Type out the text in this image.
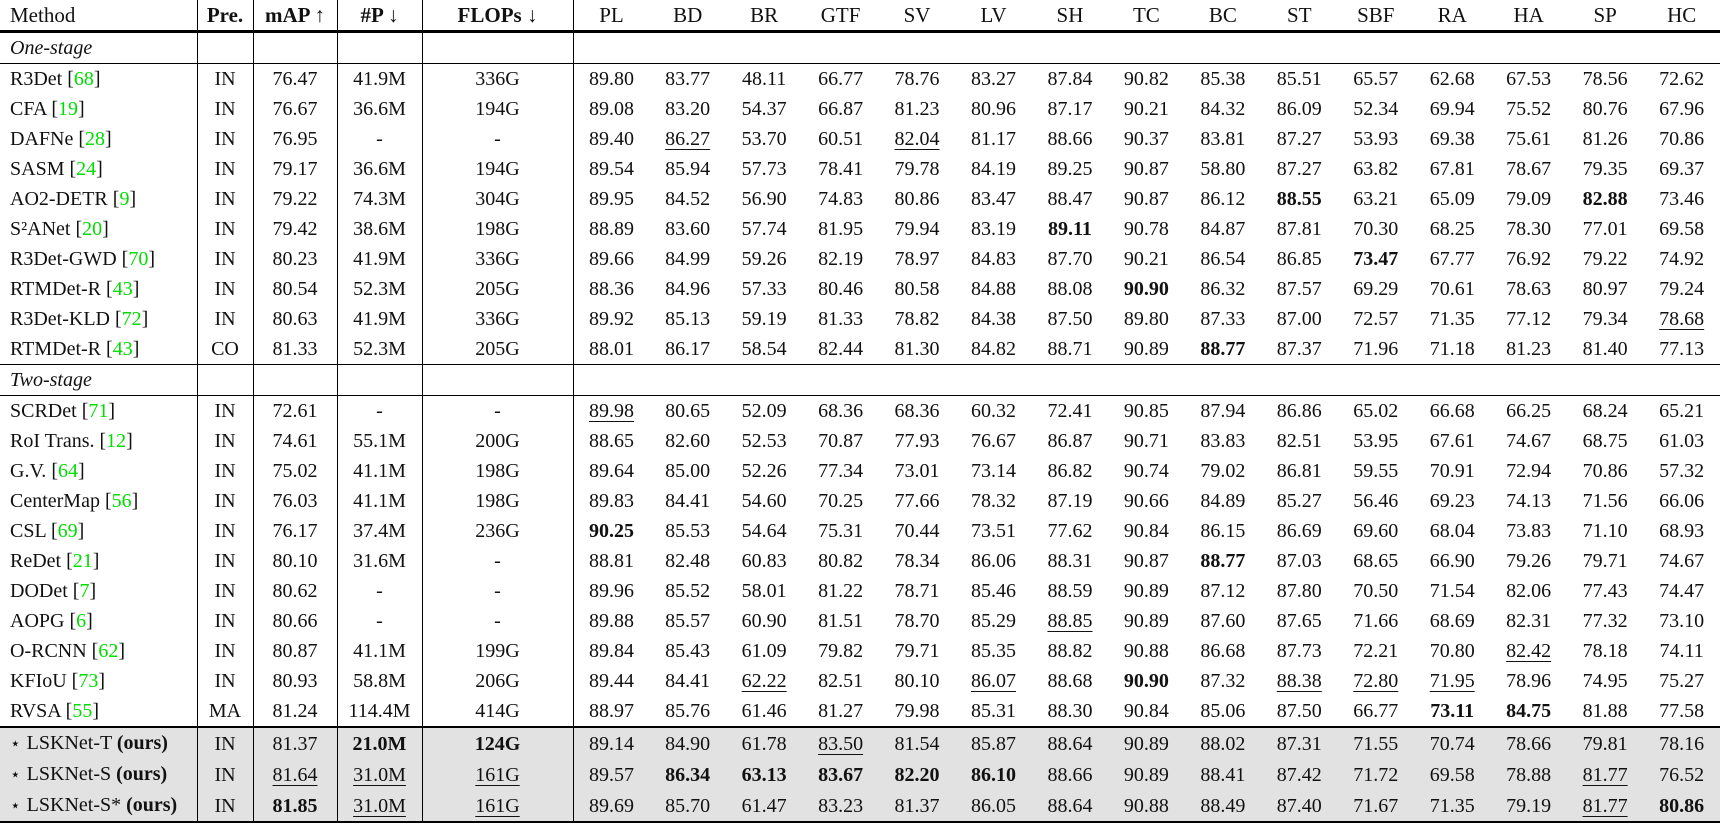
Method	Pre.	mAP ↑	#P ↓	FLOPs ↓	PL	BD	BR	GTF	SV	LV	SH	TC	BC	ST	SBF	RA	HA	SP	HC
One-stage																			
R3Det [68]	IN	76.47	41.9M	336G	89.80	83.77	48.11	66.77	78.76	83.27	87.84	90.82	85.38	85.51	65.57	62.68	67.53	78.56	72.62
CFA [19]	IN	76.67	36.6M	194G	89.08	83.20	54.37	66.87	81.23	80.96	87.17	90.21	84.32	86.09	52.34	69.94	75.52	80.76	67.96
DAFNe [28]	IN	76.95	-	-	89.40	86.27	53.70	60.51	82.04	81.17	88.66	90.37	83.81	87.27	53.93	69.38	75.61	81.26	70.86
SASM [24]	IN	79.17	36.6M	194G	89.54	85.94	57.73	78.41	79.78	84.19	89.25	90.87	58.80	87.27	63.82	67.81	78.67	79.35	69.37
AO2-DETR [9]	IN	79.22	74.3M	304G	89.95	84.52	56.90	74.83	80.86	83.47	88.47	90.87	86.12	88.55	63.21	65.09	79.09	82.88	73.46
S²ANet [20]	IN	79.42	38.6M	198G	88.89	83.60	57.74	81.95	79.94	83.19	89.11	90.78	84.87	87.81	70.30	68.25	78.30	77.01	69.58
R3Det-GWD [70]	IN	80.23	41.9M	336G	89.66	84.99	59.26	82.19	78.97	84.83	87.70	90.21	86.54	86.85	73.47	67.77	76.92	79.22	74.92
RTMDet-R [43]	IN	80.54	52.3M	205G	88.36	84.96	57.33	80.46	80.58	84.88	88.08	90.90	86.32	87.57	69.29	70.61	78.63	80.97	79.24
R3Det-KLD [72]	IN	80.63	41.9M	336G	89.92	85.13	59.19	81.33	78.82	84.38	87.50	89.80	87.33	87.00	72.57	71.35	77.12	79.34	78.68
RTMDet-R [43]	CO	81.33	52.3M	205G	88.01	86.17	58.54	82.44	81.30	84.82	88.71	90.89	88.77	87.37	71.96	71.18	81.23	81.40	77.13
Two-stage																			
SCRDet [71]	IN	72.61	-	-	89.98	80.65	52.09	68.36	68.36	60.32	72.41	90.85	87.94	86.86	65.02	66.68	66.25	68.24	65.21
RoI Trans. [12]	IN	74.61	55.1M	200G	88.65	82.60	52.53	70.87	77.93	76.67	86.87	90.71	83.83	82.51	53.95	67.61	74.67	68.75	61.03
G.V. [64]	IN	75.02	41.1M	198G	89.64	85.00	52.26	77.34	73.01	73.14	86.82	90.74	79.02	86.81	59.55	70.91	72.94	70.86	57.32
CenterMap [56]	IN	76.03	41.1M	198G	89.83	84.41	54.60	70.25	77.66	78.32	87.19	90.66	84.89	85.27	56.46	69.23	74.13	71.56	66.06
CSL [69]	IN	76.17	37.4M	236G	90.25	85.53	54.64	75.31	70.44	73.51	77.62	90.84	86.15	86.69	69.60	68.04	73.83	71.10	68.93
ReDet [21]	IN	80.10	31.6M	-	88.81	82.48	60.83	80.82	78.34	86.06	88.31	90.87	88.77	87.03	68.65	66.90	79.26	79.71	74.67
DODet [7]	IN	80.62	-	-	89.96	85.52	58.01	81.22	78.71	85.46	88.59	90.89	87.12	87.80	70.50	71.54	82.06	77.43	74.47
AOPG [6]	IN	80.66	-	-	89.88	85.57	60.90	81.51	78.70	85.29	88.85	90.89	87.60	87.65	71.66	68.69	82.31	77.32	73.10
O-RCNN [62]	IN	80.87	41.1M	199G	89.84	85.43	61.09	79.82	79.71	85.35	88.82	90.88	86.68	87.73	72.21	70.80	82.42	78.18	74.11
KFIoU [73]	IN	80.93	58.8M	206G	89.44	84.41	62.22	82.51	80.10	86.07	88.68	90.90	87.32	88.38	72.80	71.95	78.96	74.95	75.27
RVSA [55]	MA	81.24	114.4M	414G	88.97	85.76	61.46	81.27	79.98	85.31	88.30	90.84	85.06	87.50	66.77	73.11	84.75	81.88	77.58
⋆ LSKNet-T (ours)	IN	81.37	21.0M	124G	89.14	84.90	61.78	83.50	81.54	85.87	88.64	90.89	88.02	87.31	71.55	70.74	78.66	79.81	78.16
⋆ LSKNet-S (ours)	IN	81.64	31.0M	161G	89.57	86.34	63.13	83.67	82.20	86.10	88.66	90.89	88.41	87.42	71.72	69.58	78.88	81.77	76.52
⋆ LSKNet-S* (ours)	IN	81.85	31.0M	161G	89.69	85.70	61.47	83.23	81.37	86.05	88.64	90.88	88.49	87.40	71.67	71.35	79.19	81.77	80.86
